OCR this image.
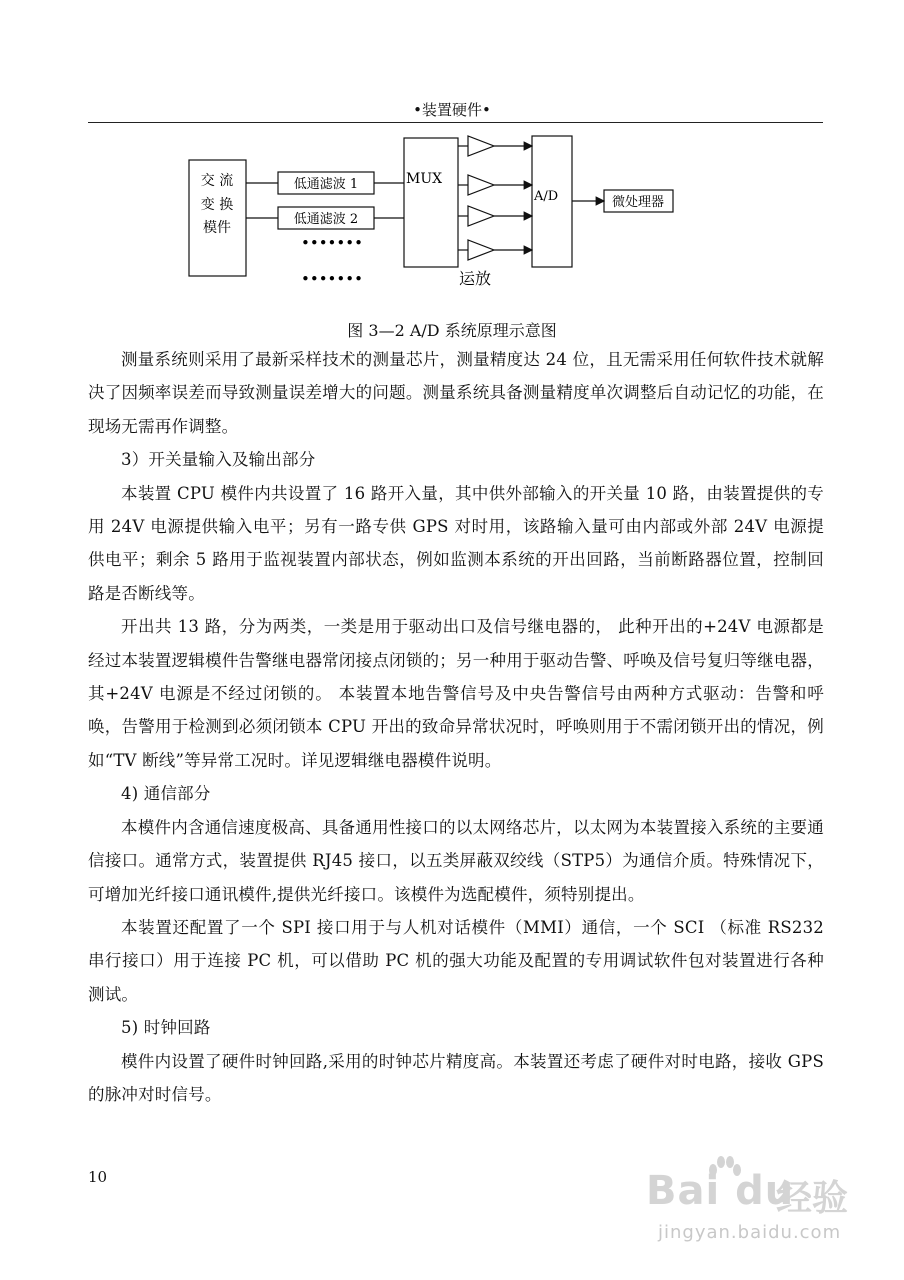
•装置硬件•
交 流
变 换
模件
低通滤波 1
低通滤波 2
•••••••
•••••••
MUX
A/D	微处理器
运放
图 3—2 A/D 系统原理示意图

测量系统则采用了最新采样技术的测量芯片，测量精度达 24 位，且无需采用任何软件技术就解决了因频率误差而导致测量误差增大的问题。测量系统具备测量精度单次调整后自动记忆的功能，在现场无需再作调整。

3）开关量输入及输出部分

本装置 CPU 模件内共设置了 16 路开入量，其中供外部输入的开关量 10 路，由装置提供的专用 24V 电源提供输入电平；另有一路专供 GPS 对时用，该路输入量可由内部或外部 24V 电源提供电平；剩余 5 路用于监视装置内部状态，例如监测本系统的开出回路，当前断路器位置，控制回路是否断线等。

开出共 13 路，分为两类，一类是用于驱动出口及信号继电器的， 此种开出的+24V 电源都是经过本装置逻辑模件告警继电器常闭接点闭锁的；另一种用于驱动告警、呼唤及信号复归等继电器，其+24V 电源是不经过闭锁的。 本装置本地告警信号及中央告警信号由两种方式驱动：告警和呼唤，告警用于检测到必须闭锁本 CPU 开出的致命异常状况时，呼唤则用于不需闭锁开出的情况，例如“TV 断线”等异常工况时。详见逻辑继电器模件说明。

4) 通信部分

本模件内含通信速度极高、具备通用性接口的以太网络芯片，以太网为本装置接入系统的主要通信接口。通常方式，装置提供 RJ45 接口，以五类屏蔽双绞线（STP5）为通信介质。特殊情况下，可增加光纤接口通讯模件,提供光纤接口。该模件为选配模件，须特别提出。

本装置还配置了一个 SPI 接口用于与人机对话模件（MMI）通信，一个 SCI （标准 RS232 串行接口）用于连接 PC 机，可以借助 PC 机的强大功能及配置的专用调试软件包对装置进行各种测试。

5) 时钟回路

模件内设置了硬件时钟回路,采用的时钟芯片精度高。本装置还考虑了硬件对时电路，接收 GPS 的脉冲对时信号。

10	Bai du
经验
jingyan.baidu.com
